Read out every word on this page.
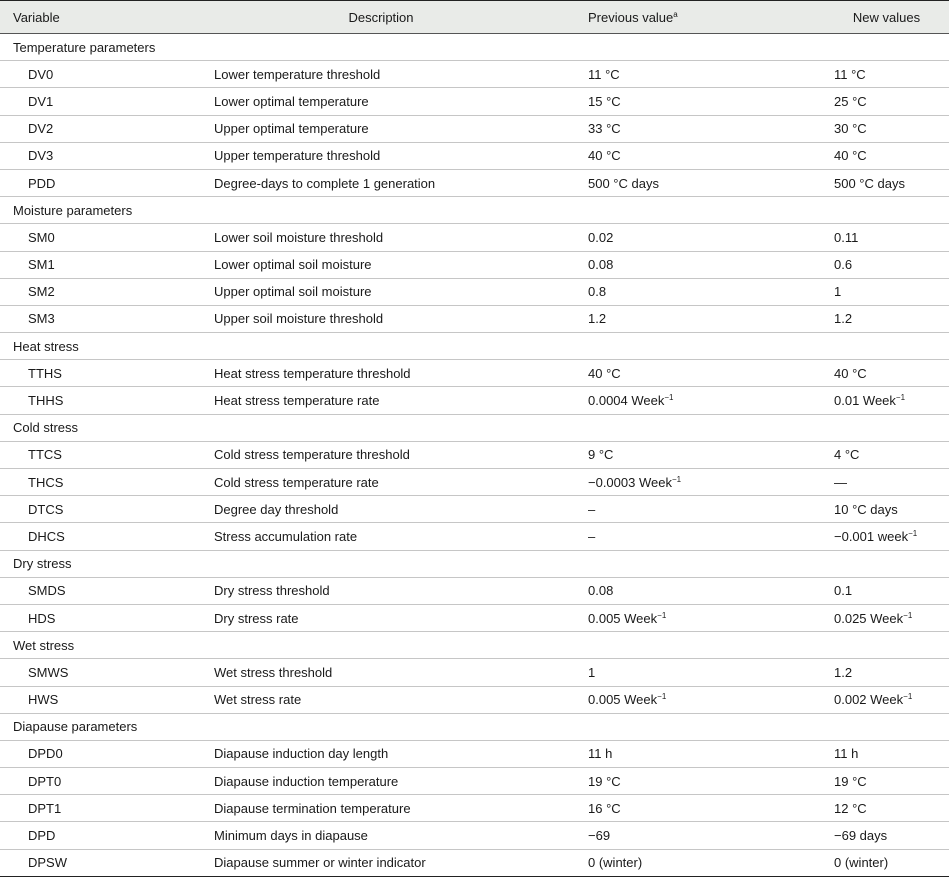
Variable	Description	Previous value$^a$	New values
Temperature parameters			
DV0	Lower temperature threshold	11 °C	11 °C
DV1	Lower optimal temperature	15 °C	25 °C
DV2	Upper optimal temperature	33 °C	30 °C
DV3	Upper temperature threshold	40 °C	40 °C
PDD	Degree-days to complete 1 generation	500 °C days	500 °C days
Moisture parameters			
SM0	Lower soil moisture threshold	0.02	0.11
SM1	Lower optimal soil moisture	0.08	0.6
SM2	Upper optimal soil moisture	0.8	1
SM3	Upper soil moisture threshold	1.2	1.2
Heat stress			
TTHS	Heat stress temperature threshold	40 °C	40 °C
THHS	Heat stress temperature rate	0.0004 Week$^{-1}$	0.01 Week$^{-1}$
Cold stress			
TTCS	Cold stress temperature threshold	9 °C	4 °C
THCS	Cold stress temperature rate	−0.0003 Week$^{-1}$	—
DTCS	Degree day threshold	–	10 °C days
DHCS	Stress accumulation rate	–	−0.001 week$^{-1}$
Dry stress			
SMDS	Dry stress threshold	0.08	0.1
HDS	Dry stress rate	0.005 Week$^{-1}$	0.025 Week$^{-1}$
Wet stress			
SMWS	Wet stress threshold	1	1.2
HWS	Wet stress rate	0.005 Week$^{-1}$	0.002 Week$^{-1}$
Diapause parameters			
DPD0	Diapause induction day length	11 h	11 h
DPT0	Diapause induction temperature	19 °C	19 °C
DPT1	Diapause termination temperature	16 °C	12 °C
DPD	Minimum days in diapause	−69	−69 days
DPSW	Diapause summer or winter indicator	0 (winter)	0 (winter)
